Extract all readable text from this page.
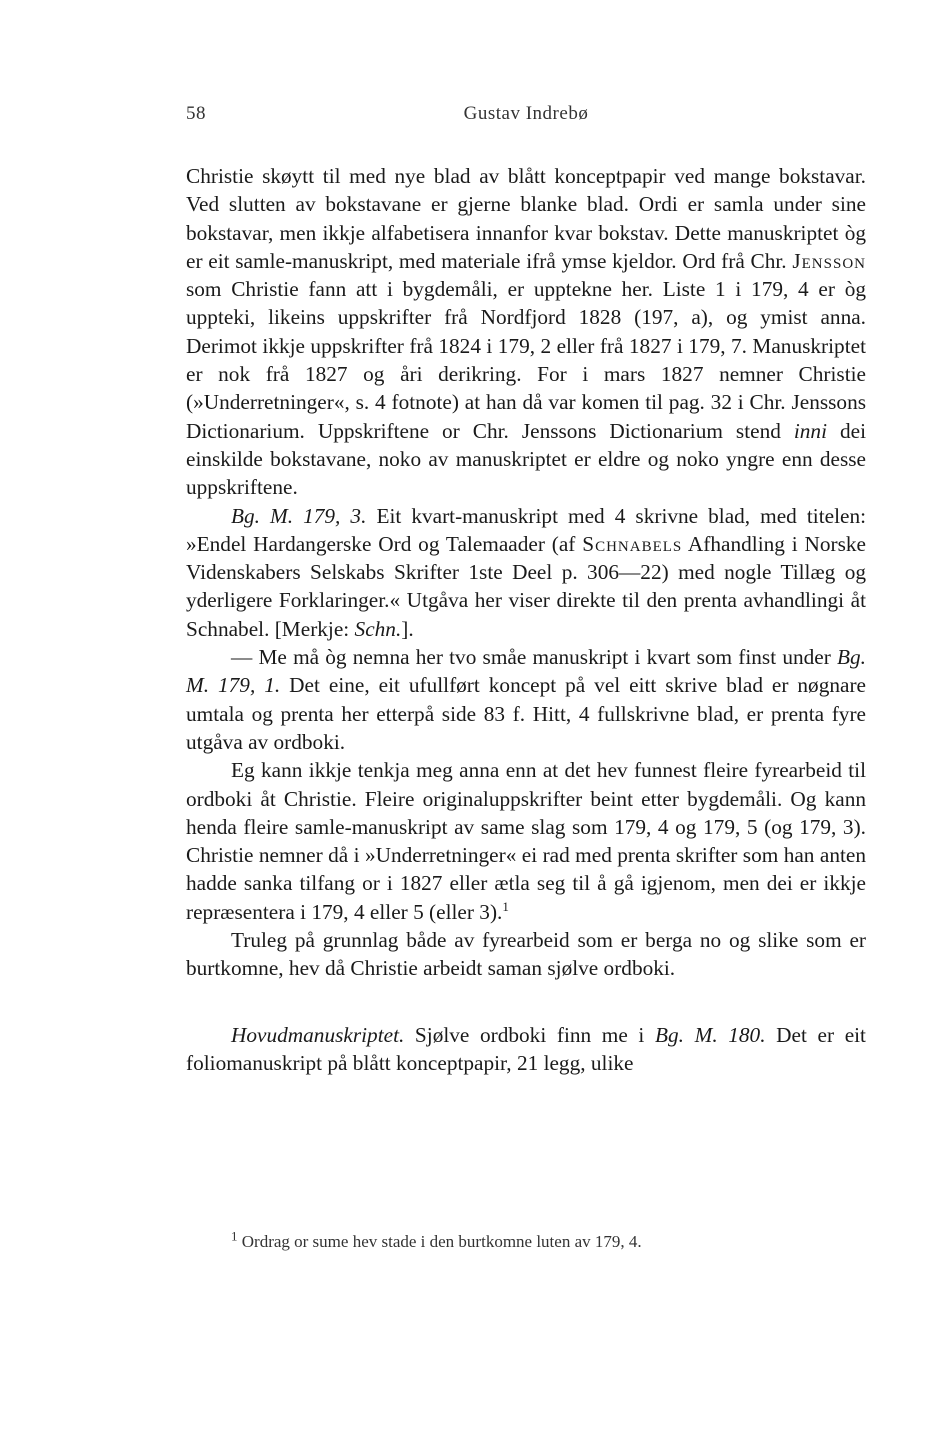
58	Gustav Indrebø

Christie skøytt til med nye blad av blått konceptpapir ved mange bokstavar. Ved slutten av bokstavane er gjerne blanke blad. Ordi er samla under sine bokstavar, men ikkje alfabetisera innanfor kvar bokstav. Dette manuskriptet òg er eit samle-manuskript, med materiale ifrå ymse kjeldor. Ord frå Chr. Jensson som Christie fann att i bygdemåli, er upptekne her. Liste 1 i 179, 4 er òg uppteki, likeins uppskrifter frå Nordfjord 1828 (197, a), og ymist anna. Derimot ikkje uppskrifter frå 1824 i 179, 2 eller frå 1827 i 179, 7. Manuskriptet er nok frå 1827 og åri derikring. For i mars 1827 nemner Christie (»Underretninger«, s. 4 fotnote) at han då var komen til pag. 32 i Chr. Jenssons Dictionarium. Uppskriftene or Chr. Jenssons Dictionarium stend inni dei einskilde bokstavane, noko av manuskriptet er eldre og noko yngre enn desse uppskriftene.

Bg. M. 179, 3. Eit kvart-manuskript med 4 skrivne blad, med titelen: »Endel Hardangerske Ord og Talemaader (af Schnabels Afhandling i Norske Videnskabers Selskabs Skrifter 1ste Deel p. 306—22) med nogle Tillæg og yderligere Forklaringer.« Utgåva her viser direkte til den prenta avhandlingi åt Schnabel. [Merkje: Schn.].

— Me må òg nemna her tvo småe manuskript i kvart som finst under Bg. M. 179, 1. Det eine, eit ufullført koncept på vel eitt skrive blad er nøgnare umtala og prenta her etterpå side 83 f. Hitt, 4 fullskrivne blad, er prenta fyre utgåva av ordboki.

Eg kann ikkje tenkja meg anna enn at det hev funnest fleire fyrearbeid til ordboki åt Christie. Fleire originaluppskrifter beint etter bygdemåli. Og kann henda fleire samle-manuskript av same slag som 179, 4 og 179, 5 (og 179, 3). Christie nemner då i »Underretninger« ei rad med prenta skrifter som han anten hadde sanka tilfang or i 1827 eller ætla seg til å gå igjenom, men dei er ikkje repræsentera i 179, 4 eller 5 (eller 3).$^1$

Truleg på grunnlag både av fyrearbeid som er berga no og slike som er burtkomne, hev då Christie arbeidt saman sjølve ordboki.

Hovudmanuskriptet. Sjølve ordboki finn me i Bg. M. 180. Det er eit foliomanuskript på blått konceptpapir, 21 legg, ulike

$^1$ Ordrag or sume hev stade i den burtkomne luten av 179, 4.
